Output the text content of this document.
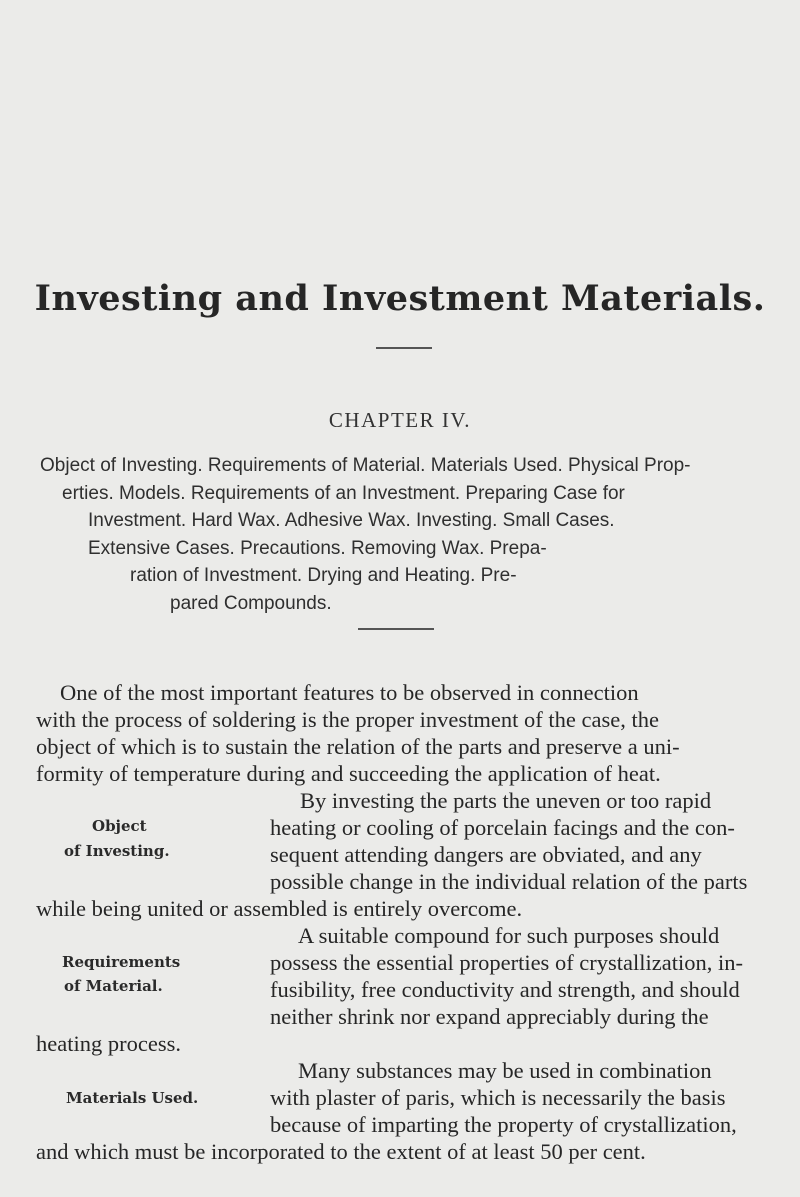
Investing and Investment Materials.
CHAPTER IV.
Object of Investing. Requirements of Material. Materials Used. Physical Prop-
erties. Models. Requirements of an Investment. Preparing Case for
Investment. Hard Wax. Adhesive Wax. Investing. Small Cases.
Extensive Cases. Precautions. Removing Wax. Prepa-
ration of Investment. Drying and Heating. Pre-
pared Compounds.
One of the most important features to be observed in connection
with the process of soldering is the proper investment of the case, the
object of which is to sustain the relation of the parts and preserve a uni-
formity of temperature during and succeeding the application of heat.
By investing the parts the uneven or too rapid
heating or cooling of porcelain facings and the con-
sequent attending dangers are obviated, and any
possible change in the individual relation of the parts
while being united or assembled is entirely overcome.
Object
of Investing.
A suitable compound for such purposes should
possess the essential properties of crystallization, in-
fusibility, free conductivity and strength, and should
neither shrink nor expand appreciably during the
heating process.
Requirements
of Material.
Many substances may be used in combination
with plaster of paris, which is necessarily the basis
because of imparting the property of crystallization,
and which must be incorporated to the extent of at least 50 per cent.
Materials Used.
